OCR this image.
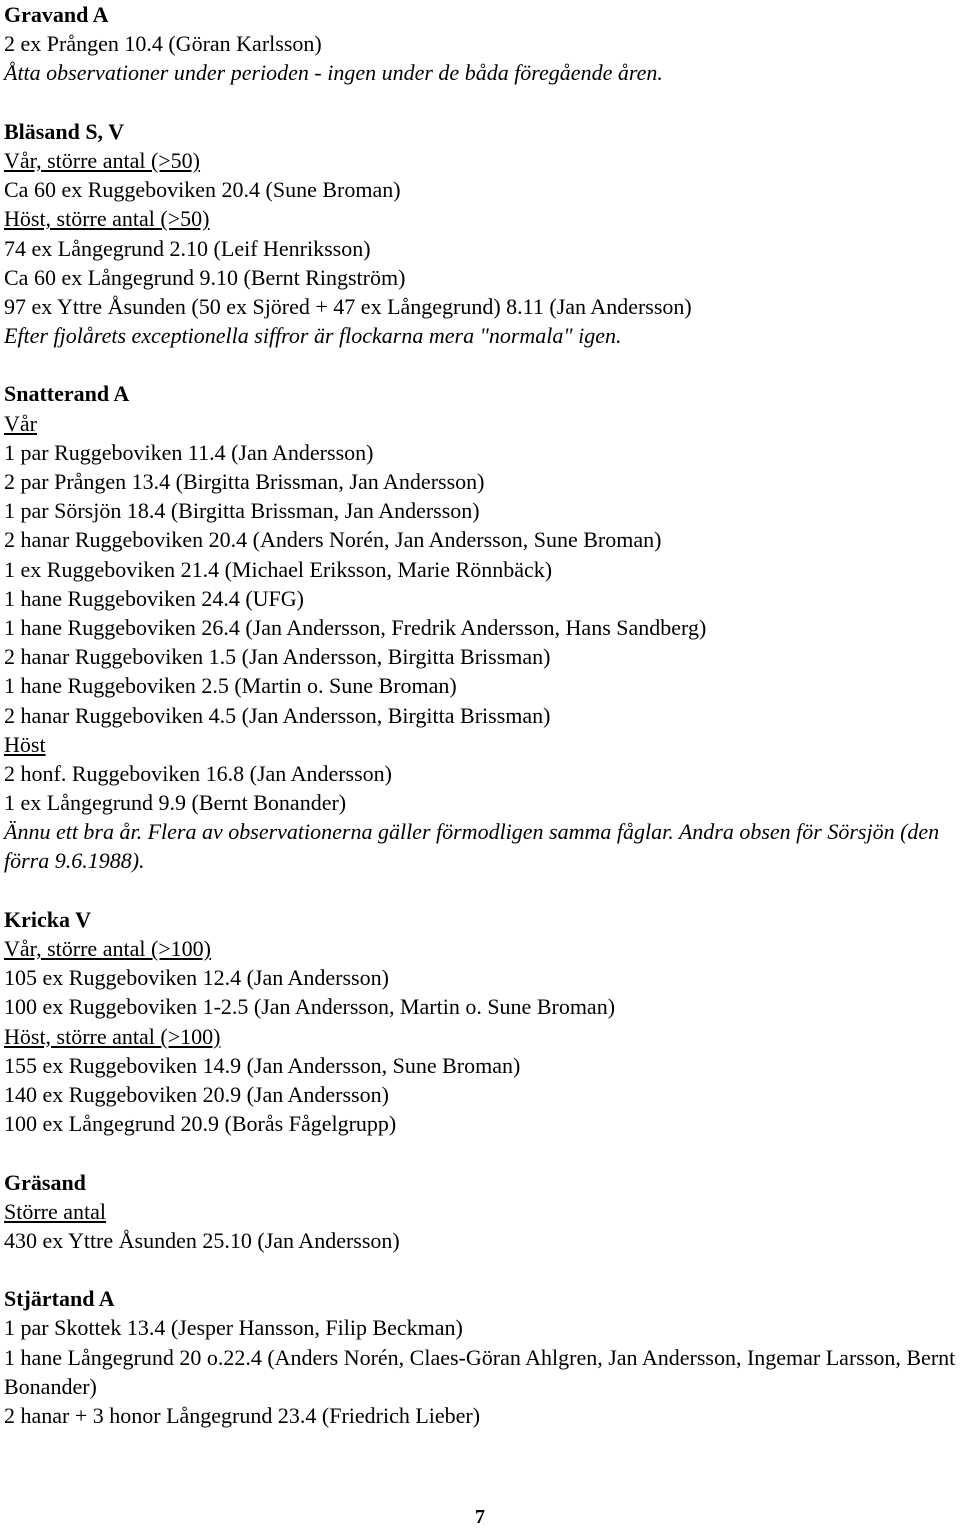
Gravand A
2 ex Prången 10.4 (Göran Karlsson)
Åtta observationer under perioden - ingen under de båda föregående åren.
Bläsand S, V
Vår, större antal (>50)
Ca 60 ex Ruggeboviken 20.4 (Sune Broman)
Höst, större antal (>50)
74 ex Långegrund 2.10 (Leif Henriksson)
Ca 60 ex Långegrund 9.10 (Bernt Ringström)
97 ex Yttre Åsunden (50 ex Sjöred + 47 ex Långegrund) 8.11 (Jan Andersson)
Efter fjolårets exceptionella siffror är flockarna mera "normala" igen.
Snatterand A
Vår
1 par Ruggeboviken 11.4 (Jan Andersson)
2 par Prången 13.4 (Birgitta Brissman, Jan Andersson)
1 par Sörsjön 18.4 (Birgitta Brissman, Jan Andersson)
2 hanar Ruggeboviken 20.4 (Anders Norén, Jan Andersson, Sune Broman)
1 ex Ruggeboviken 21.4 (Michael Eriksson, Marie Rönnbäck)
1 hane Ruggeboviken 24.4 (UFG)
1 hane Ruggeboviken 26.4 (Jan Andersson, Fredrik Andersson, Hans Sandberg)
2 hanar Ruggeboviken 1.5 (Jan Andersson, Birgitta Brissman)
1 hane Ruggeboviken 2.5 (Martin o. Sune Broman)
2 hanar Ruggeboviken 4.5 (Jan Andersson, Birgitta Brissman)
Höst
2 honf. Ruggeboviken 16.8 (Jan Andersson)
1 ex Långegrund 9.9 (Bernt Bonander)
Ännu ett bra år. Flera av observationerna gäller förmodligen samma fåglar. Andra obsen för Sörsjön (den förra 9.6.1988).
Kricka V
Vår, större antal (>100)
105 ex Ruggeboviken 12.4 (Jan Andersson)
100 ex Ruggeboviken 1-2.5 (Jan Andersson, Martin o. Sune Broman)
Höst, större antal (>100)
155 ex Ruggeboviken 14.9 (Jan Andersson, Sune Broman)
140 ex Ruggeboviken 20.9 (Jan Andersson)
100 ex Långegrund 20.9 (Borås Fågelgrupp)
Gräsand
Större antal
430 ex Yttre Åsunden 25.10 (Jan Andersson)
Stjärtand A
1 par Skottek 13.4 (Jesper Hansson, Filip Beckman)
1 hane Långegrund 20 o.22.4 (Anders Norén, Claes-Göran Ahlgren, Jan Andersson, Ingemar Larsson, Bernt Bonander)
2 hanar + 3 honor Långegrund 23.4 (Friedrich Lieber)
7
